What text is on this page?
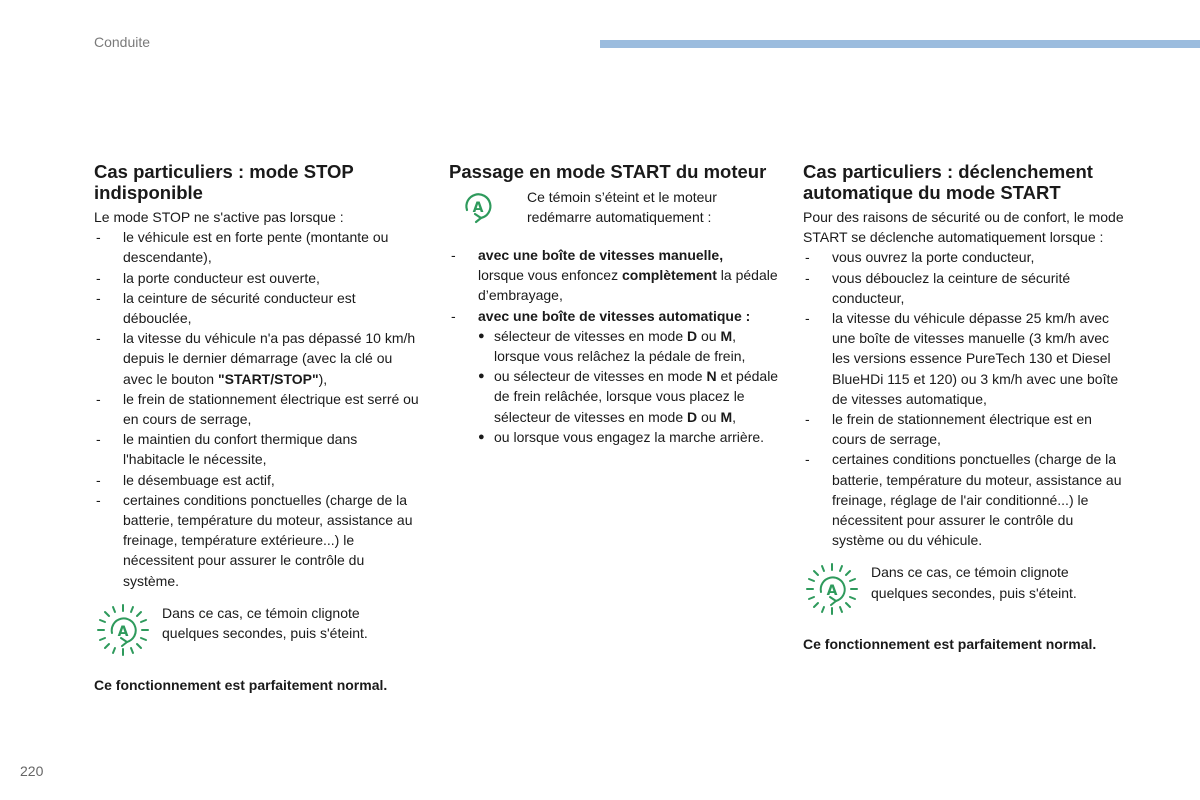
Conduite
Cas particuliers : mode STOP indisponible

Le mode STOP ne s'active pas lorsque :

- le véhicule est en forte pente (montante ou descendante),
- la porte conducteur est ouverte,
- la ceinture de sécurité conducteur est débouclée,
- la vitesse du véhicule n'a pas dépassé 10 km/h depuis le dernier démarrage (avec la clé ou avec le bouton "START/STOP"),
- le frein de stationnement électrique est serré ou en cours de serrage,
- le maintien du confort thermique dans l'habitacle le nécessite,
- le désembuage est actif,
- certaines conditions ponctuelles (charge de la batterie, température du moteur, assistance au freinage, température extérieure...) le nécessitent pour assurer le contrôle du système.
A
Dans ce cas, ce témoin clignote quelques secondes, puis s'éteint.

Ce fonctionnement est parfaitement normal.

Passage en mode START du moteur
A
Ce témoin s’éteint et le moteur redémarre automatiquement :
- avec une boîte de vitesses manuelle,
lorsque vous enfoncez complètement la pédale d’embrayage,
- avec une boîte de vitesses automatique :
● sélecteur de vitesses en mode D ou M, lorsque vous relâchez la pédale de frein,
● ou sélecteur de vitesses en mode N et pédale de frein relâchée, lorsque vous placez le sélecteur de vitesses en mode D ou M,
● ou lorsque vous engagez la marche arrière.
Cas particuliers : déclenchement automatique du mode START

Pour des raisons de sécurité ou de confort, le mode START se déclenche automatiquement lorsque :

- vous ouvrez la porte conducteur,
- vous débouclez la ceinture de sécurité conducteur,
- la vitesse du véhicule dépasse 25 km/h avec une boîte de vitesses manuelle (3 km/h avec les versions essence PureTech 130 et Diesel BlueHDi 115 et 120) ou 3 km/h avec une boîte de vitesses automatique,
- le frein de stationnement électrique est en cours de serrage,
- certaines conditions ponctuelles (charge de la batterie, température du moteur, assistance au freinage, réglage de l'air conditionné...) le nécessitent pour assurer le contrôle du système ou du véhicule.
A
Dans ce cas, ce témoin clignote quelques secondes, puis s'éteint.

Ce fonctionnement est parfaitement normal.

220
